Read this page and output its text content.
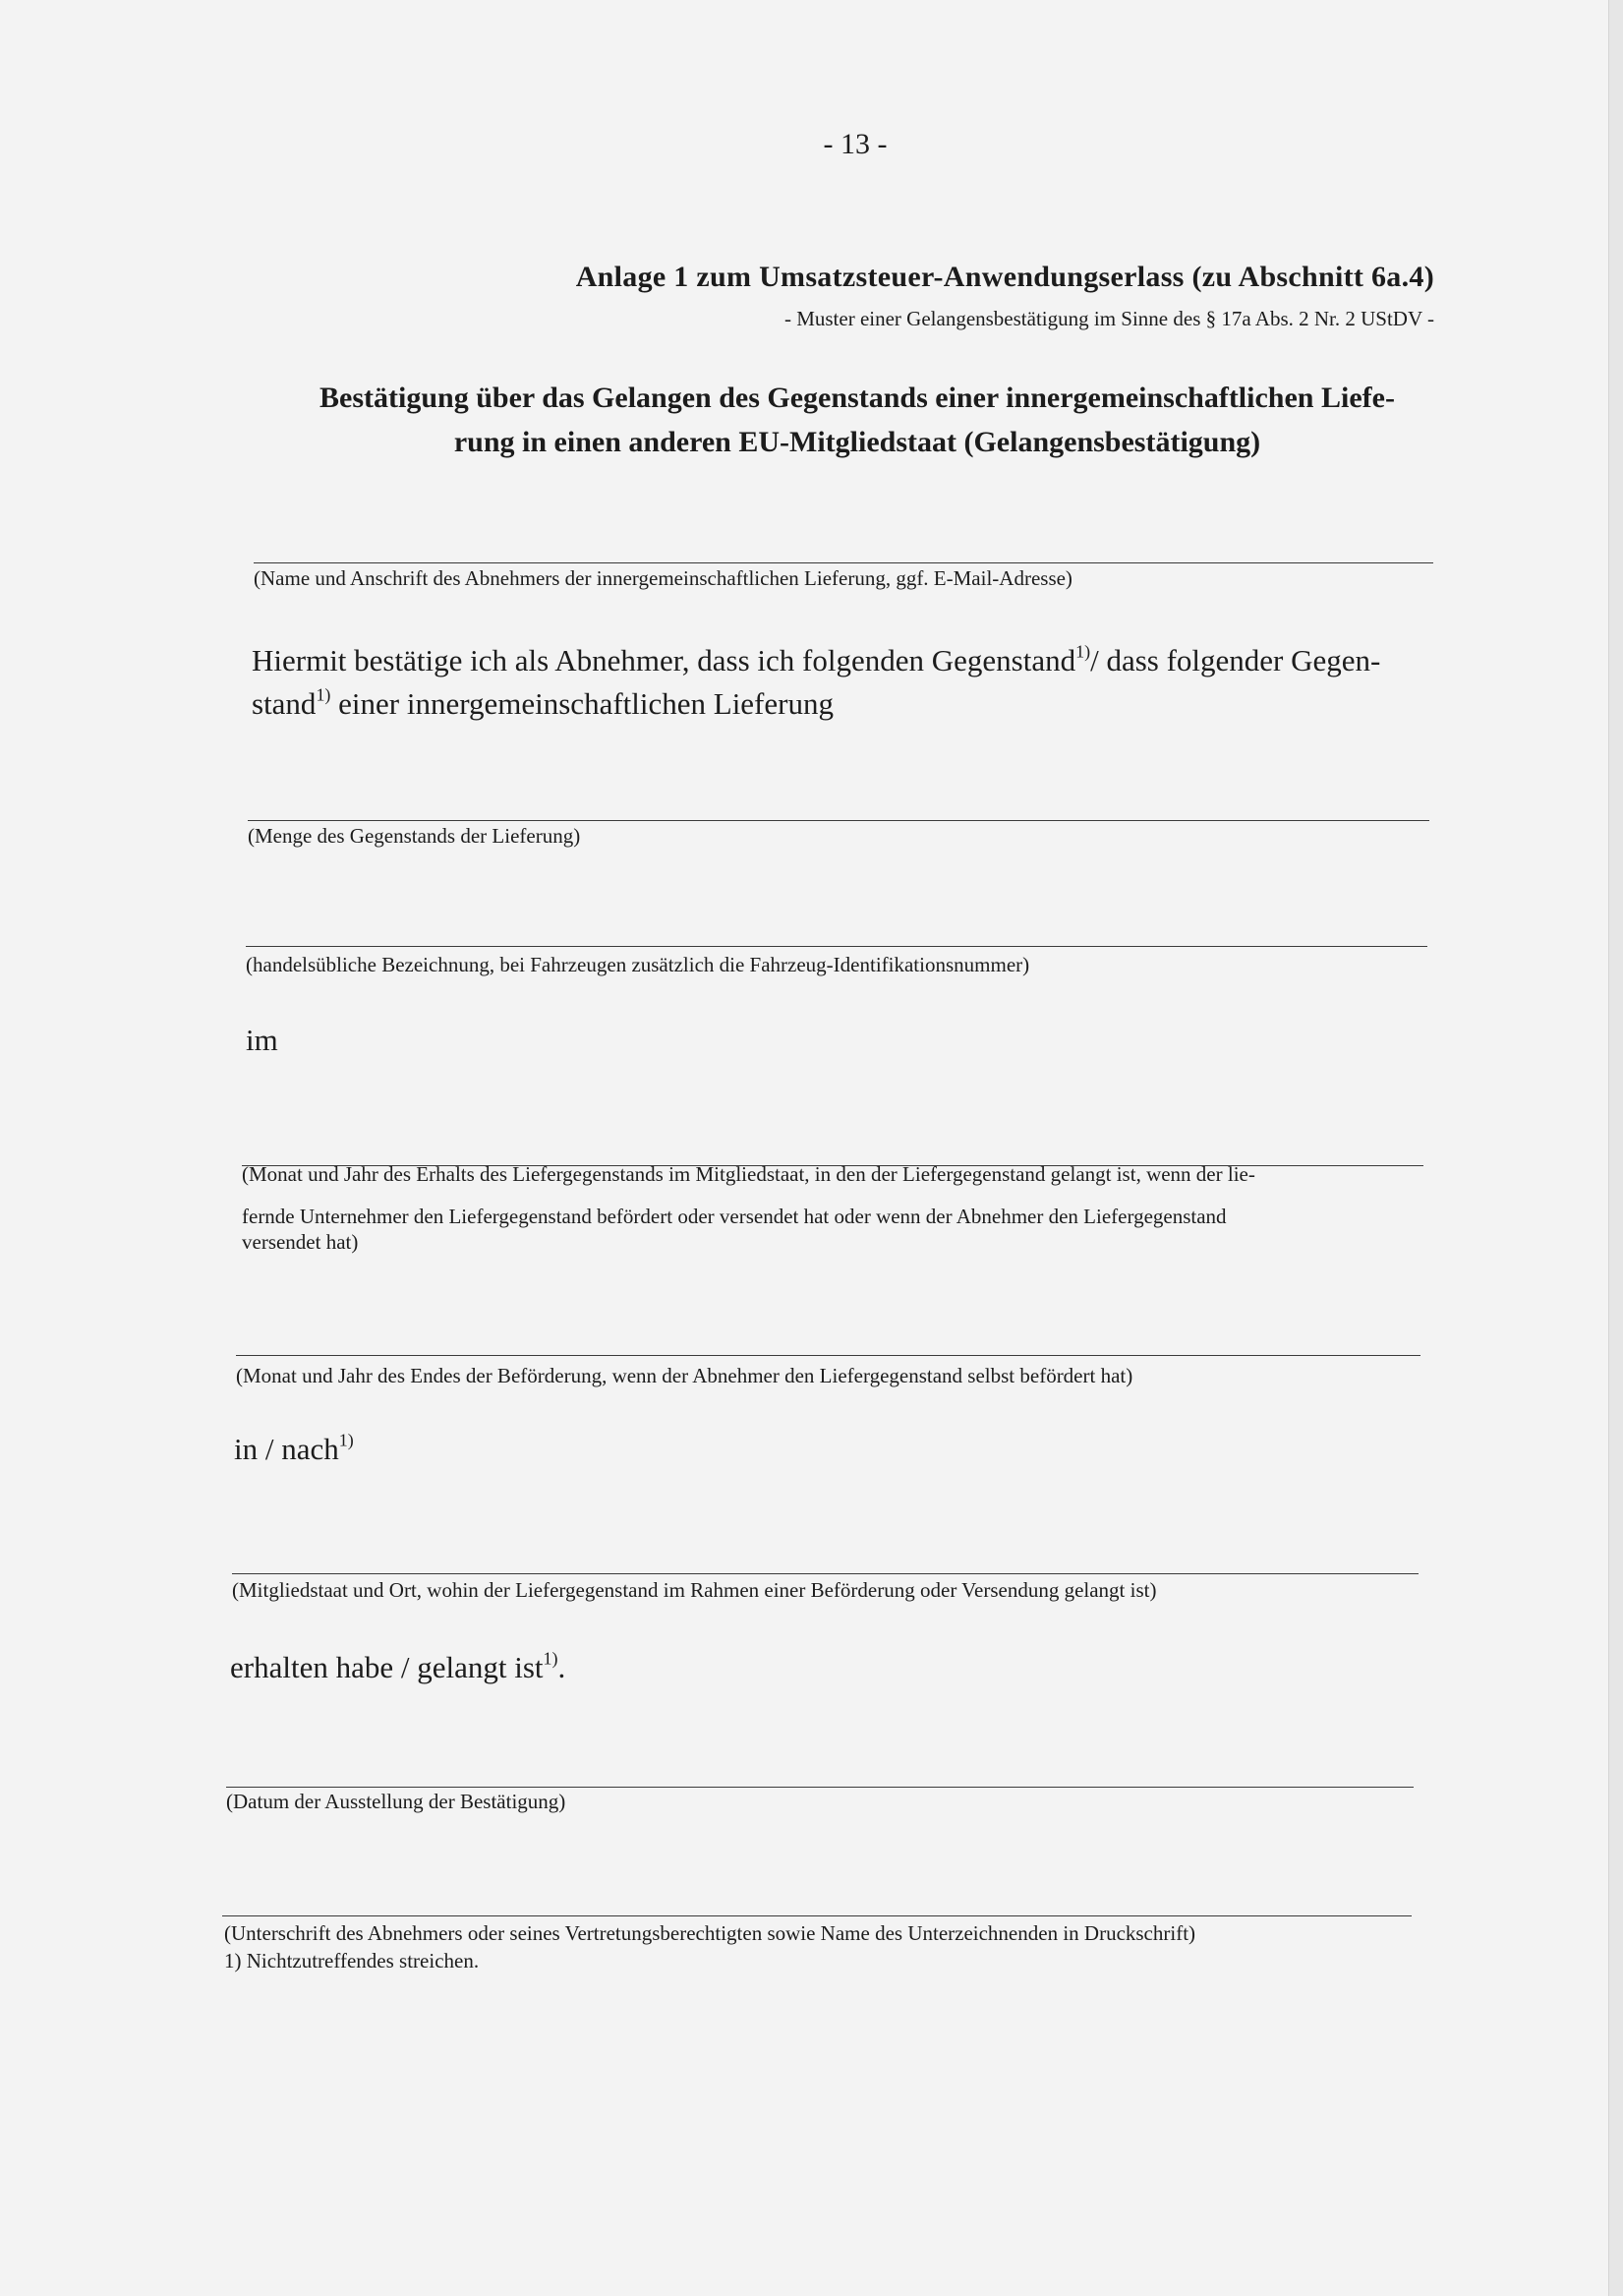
- 13 -
Anlage 1 zum Umsatzsteuer-Anwendungserlass (zu Abschnitt 6a.4)
- Muster einer Gelangensbestätigung im Sinne des § 17a Abs. 2 Nr. 2 UStDV -
Bestätigung über das Gelangen des Gegenstands einer innergemeinschaftlichen Liefe-
rung in einen anderen EU-Mitgliedstaat (Gelangensbestätigung)
(Name und Anschrift des Abnehmers der innergemeinschaftlichen Lieferung, ggf. E-Mail-Adresse)
Hiermit bestätige ich als Abnehmer, dass ich folgenden Gegenstand$^{1)}$/ dass folgender Gegen-
stand$^{1)}$ einer innergemeinschaftlichen Lieferung
(Menge des Gegenstands der Lieferung)
(handelsübliche Bezeichnung, bei Fahrzeugen zusätzlich die Fahrzeug-Identifikationsnummer)
im
(Monat und Jahr des Erhalts des Liefergegenstands im Mitgliedstaat, in den der Liefergegenstand gelangt ist, wenn der lie-
fernde Unternehmer den Liefergegenstand befördert oder versendet hat oder wenn der Abnehmer den Liefergegenstand
versendet hat)
(Monat und Jahr des Endes der Beförderung, wenn der Abnehmer den Liefergegenstand selbst befördert hat)
in / nach$^{1)}$
(Mitgliedstaat und Ort, wohin der Liefergegenstand im Rahmen einer Beförderung oder Versendung gelangt ist)
erhalten habe / gelangt ist$^{1)}$.
(Datum der Ausstellung der Bestätigung)
(Unterschrift des Abnehmers oder seines Vertretungsberechtigten sowie Name des Unterzeichnenden in Druckschrift)
1) Nichtzutreffendes streichen.
